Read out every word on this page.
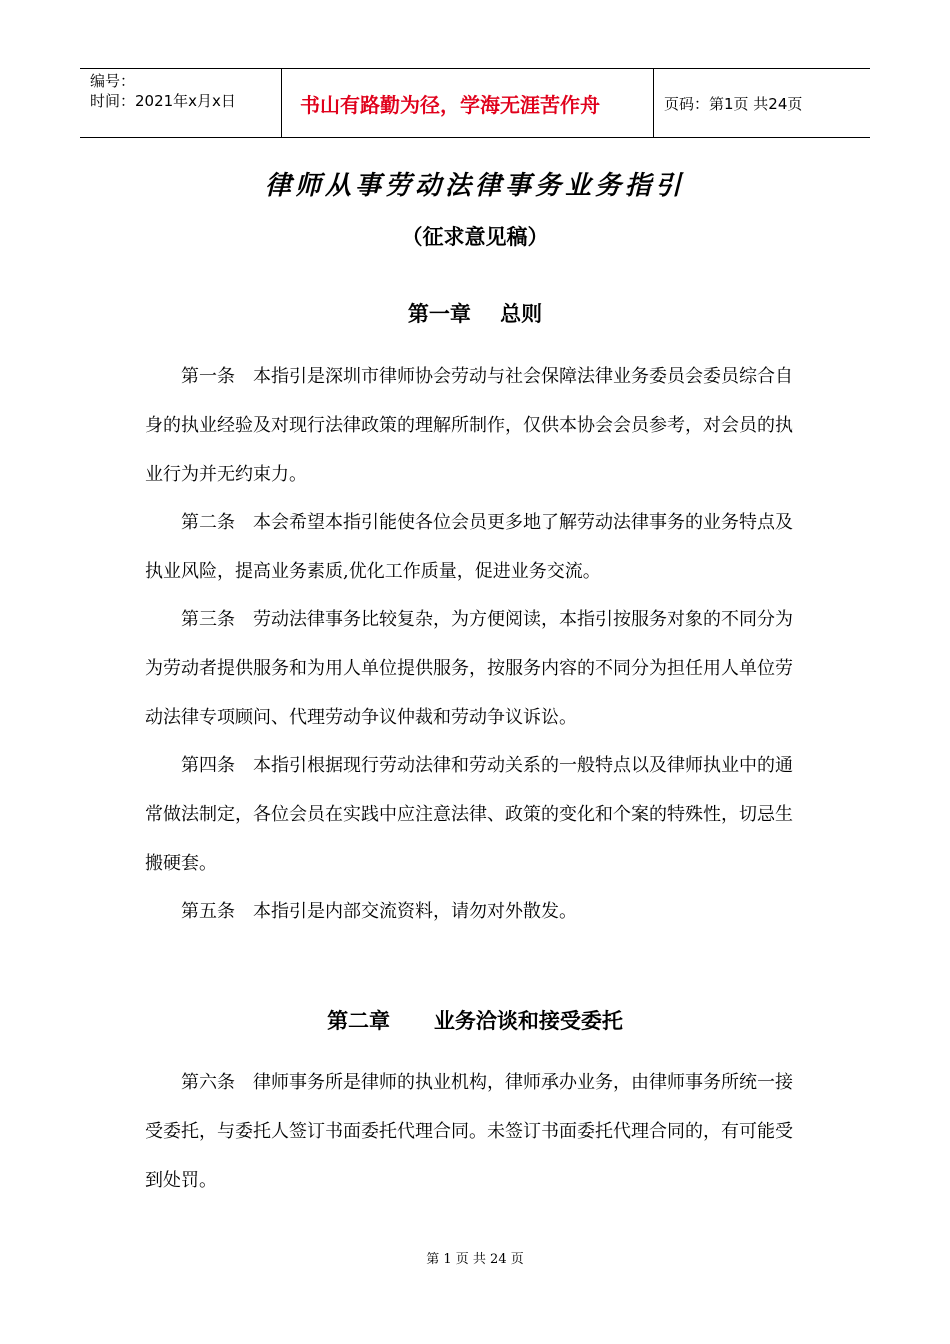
编号：
时间：2021年x月x日	书山有路勤为径，学海无涯苦作舟	页码：第1页 共24页
律师从事劳动法律事务业务指引
（征求意见稿）
第一章    总则

第一条 本指引是深圳市律师协会劳动与社会保障法律业务委员会委员综合自身的执业经验及对现行法律政策的理解所制作，仅供本协会会员参考，对会员的执业行为并无约束力。

第二条 本会希望本指引能使各位会员更多地了解劳动法律事务的业务特点及执业风险，提高业务素质,优化工作质量，促进业务交流。

第三条 劳动法律事务比较复杂，为方便阅读，本指引按服务对象的不同分为为劳动者提供服务和为用人单位提供服务，按服务内容的不同分为担任用人单位劳动法律专项顾问、代理劳动争议仲裁和劳动争议诉讼。

第四条 本指引根据现行劳动法律和劳动关系的一般特点以及律师执业中的通常做法制定，各位会员在实践中应注意法律、政策的变化和个案的特殊性，切忌生搬硬套。

第五条 本指引是内部交流资料，请勿对外散发。

第二章      业务洽谈和接受委托

第六条 律师事务所是律师的执业机构，律师承办业务，由律师事务所统一接受委托，与委托人签订书面委托代理合同。未签订书面委托代理合同的，有可能受到处罚。

第 1 页 共 24 页
